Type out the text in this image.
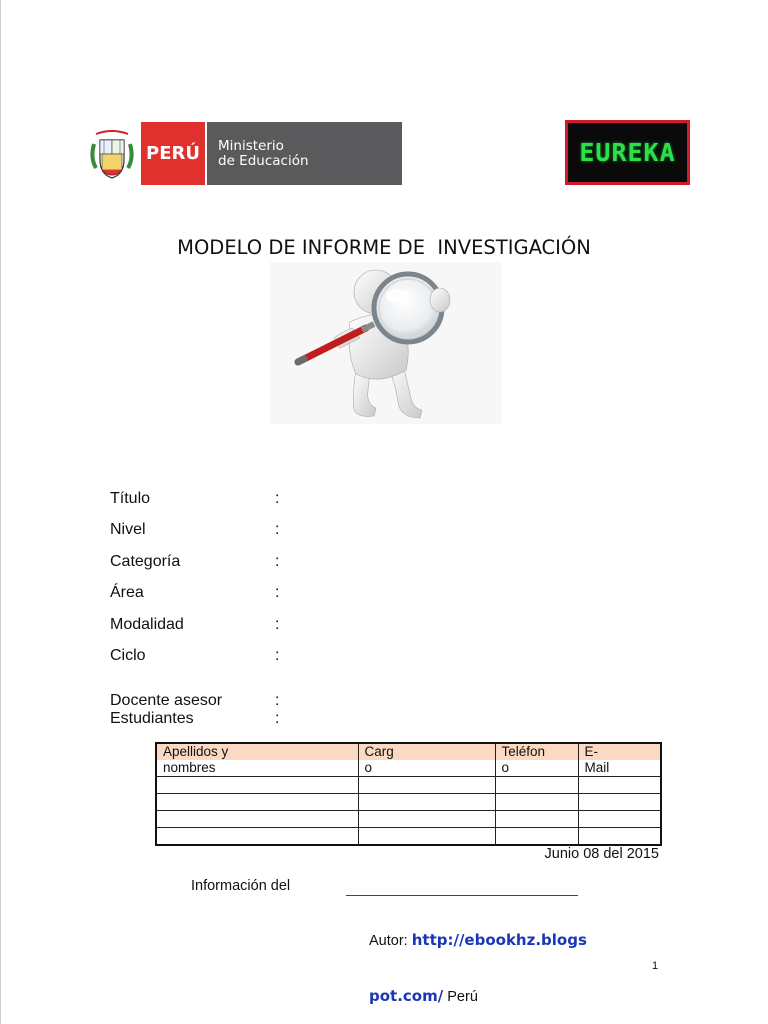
PERÚ	Ministerio
de Educación	EUREKA
MODELO DE INFORME DE  INVESTIGACIÓN
Título	:
Nivel	:
Categoría	:
Área	:
Modalidad	:
Ciclo	:
Docente asesor	:
Estudiantes	:
Apellidos y	Carg	Teléfon	E-
nombres	o	o	Mail

Junio 08 del 2015
Información del
Autor: http://ebookhz.blogs
1
pot.com/ Perú
